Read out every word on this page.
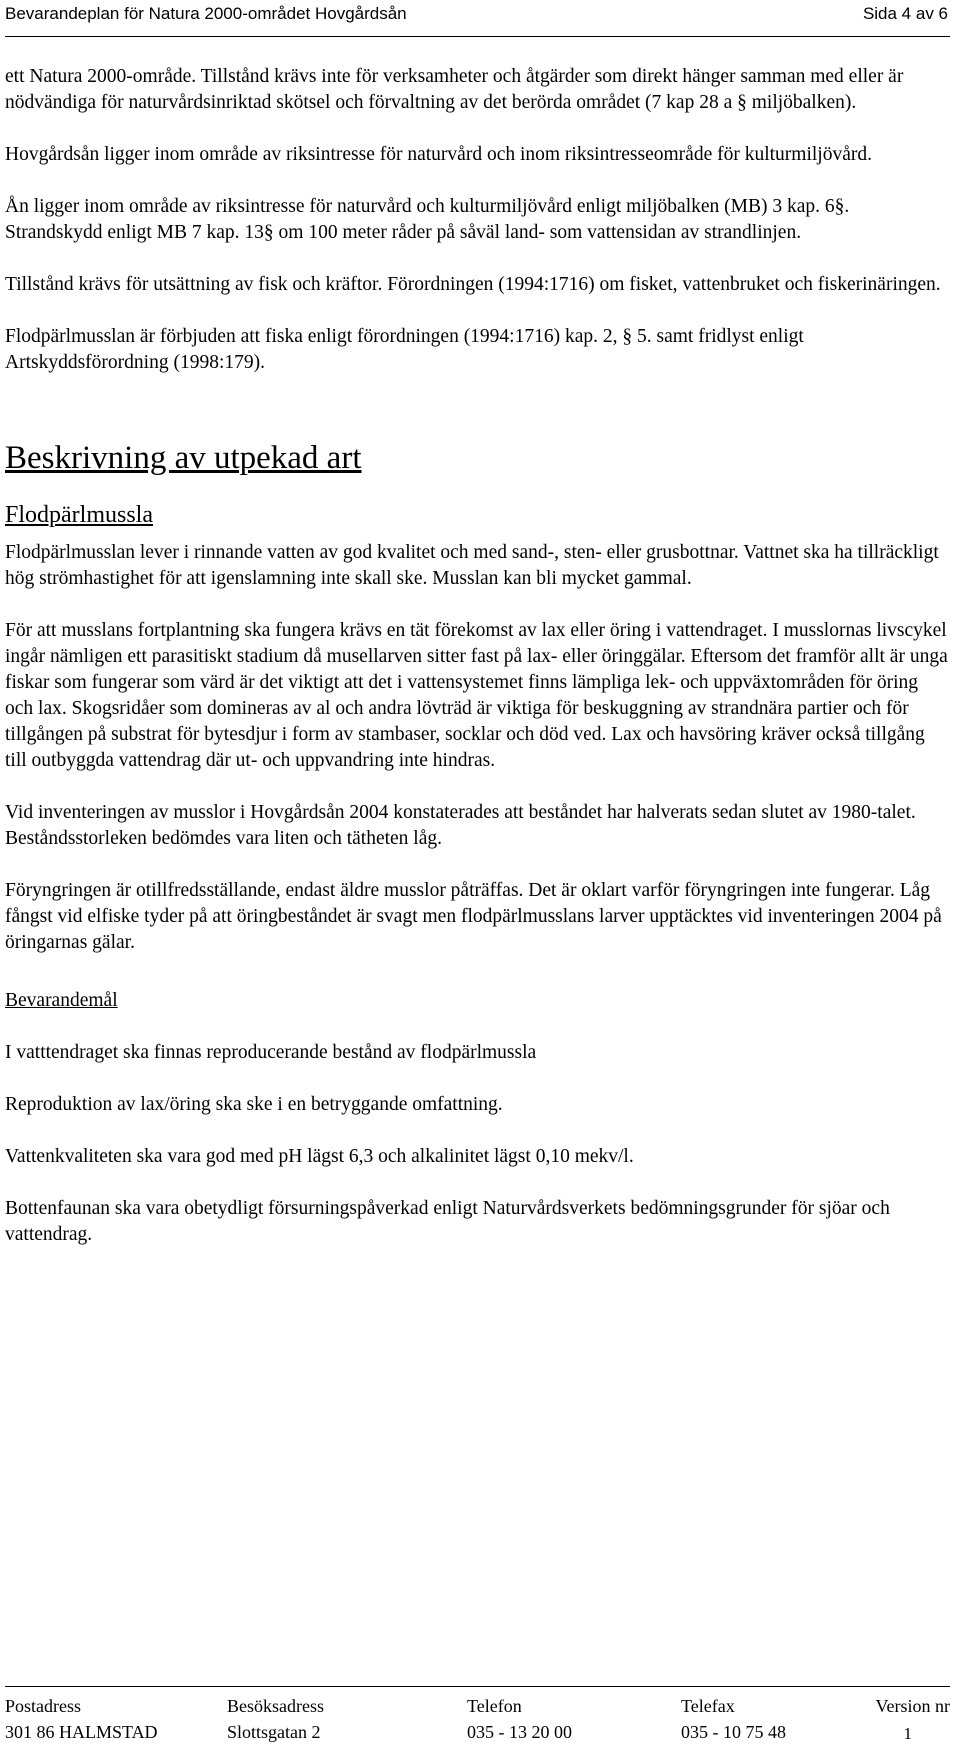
Bevarandeplan för Natura 2000-området Hovgårdsån	Sida 4 av 6

ett Natura 2000-område. Tillstånd krävs inte för verksamheter och åtgärder som direkt hänger samman med eller är nödvändiga för naturvårdsinriktad skötsel och förvaltning av det berörda området (7 kap 28 a § miljöbalken).

Hovgårdsån ligger inom område av riksintresse för naturvård och inom riksintresseområde för kulturmiljövård.

Ån ligger inom område av riksintresse för naturvård och kulturmiljövård enligt miljöbalken (MB) 3 kap. 6§. Strandskydd enligt MB 7 kap. 13§ om 100 meter råder på såväl land- som vattensidan av strandlinjen.

Tillstånd krävs för utsättning av fisk och kräftor. Förordningen (1994:1716) om fisket, vattenbruket och fiskerinäringen.

Flodpärlmusslan är förbjuden att fiska enligt förordningen (1994:1716) kap. 2, § 5. samt fridlyst enligt Artskyddsförordning (1998:179).

Beskrivning av utpekad art
Flodpärlmussla

Flodpärlmusslan lever i rinnande vatten av god kvalitet och med sand-, sten- eller grusbottnar. Vattnet ska ha tillräckligt hög strömhastighet för att igenslamning inte skall ske. Musslan kan bli mycket gammal.

För att musslans fortplantning ska fungera krävs en tät förekomst av lax eller öring i vattendraget. I musslornas livscykel ingår nämligen ett parasitiskt stadium då musellarven sitter fast på lax- eller öringgälar. Eftersom det framför allt är unga fiskar som fungerar som värd är det viktigt att det i vattensystemet finns lämpliga lek- och uppväxtområden för öring och lax. Skogsridåer som domineras av al och andra lövträd är viktiga för beskuggning av strandnära partier och för tillgången på substrat för bytesdjur i form av stambaser, socklar och död ved. Lax och havsöring kräver också tillgång till outbyggda vattendrag där ut- och uppvandring inte hindras.

Vid inventeringen av musslor i Hovgårdsån 2004 konstaterades att beståndet har halverats sedan slutet av 1980-talet. Beståndsstorleken bedömdes vara liten och tätheten låg.

Föryngringen är otillfredsställande, endast äldre musslor påträffas. Det är oklart varför föryngringen inte fungerar. Låg fångst vid elfiske tyder på att öringbeståndet är svagt men flodpärlmusslans larver upptäcktes vid inventeringen 2004 på öringarnas gälar.

Bevarandemål

I vatttendraget ska finnas reproducerande bestånd av flodpärlmussla

Reproduktion av lax/öring ska ske i en betryggande omfattning.

Vattenkvaliteten ska vara god med pH lägst 6,3 och alkalinitet lägst 0,10 mekv/l.

Bottenfaunan ska vara obetydligt försurningspåverkad enligt Naturvårdsverkets bedömningsgrunder för sjöar och vattendrag.

Postadress
301 86 HALMSTAD
Besöksadress
Slottsgatan 2
Telefon
035 - 13 20 00
Telefax
035 - 10 75 48
Version nr
1
